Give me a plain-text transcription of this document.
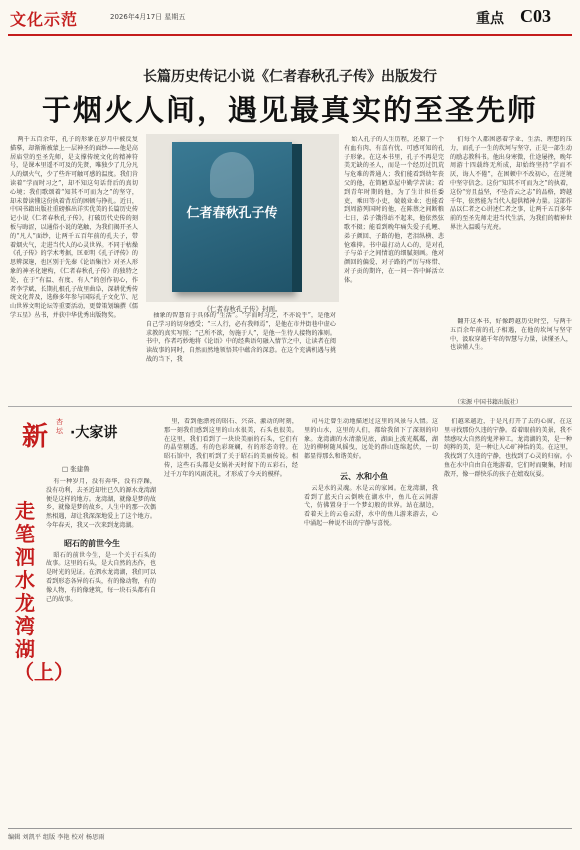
文化示范	2026年4月17日 星期五	重点 C03
长篇历史传记小说《仁者春秋孔子传》出版发行
于烟火人间，遇见最真实的至圣先师

两千五百余年，孔子的形象在岁月中被反复描摹，却渐渐被蒙上一层神圣的面纱——他是高居庙堂的至圣先师，是支撑传统文化的精神符号，是课本里遥不可及的先贤，唯独少了几分凡人的烟火气，少了些许可触可感的温度。我们肯读着“学而时习之”，却不知这句话背后的真切心境；我们歌颂着“知其不可而为之”的坚守，却未曾读懂这份执着背后的困顿与挣扎。近日，中国书籍出版社重磅推出详实优美的长篇历史传记小说《仁者春秋孔子传》，打破历代史传的刻板与晦涩，以通俗小说的笔触，为我们揭开圣人的“凡人”面纱，让两千五百年前的孔夫子，带着烟火气，走进当代人的心灵世界。不同于枯燥《孔子传》的学术考据，匡亚明《孔子评传》的思辨深邃，也区别于先秦《论语集注》对圣人形象的神圣化建构，《仁者春秋孔子传》的独特之处，在于“有温、有度、有人”的创作初心，作者李学斌、长期扎根孔子故里曲阜，深耕优秀传统文化普及，选修多年参与国际孔子文化节、尼山世界文明论坛等重要活动，更曾策划编撰《儒学五星》丛书，并获中华优秀出版物奖。	抽象的智慧育于具体的“生活”。“学而时习之，不亦说乎”，是他对自己学习的切身感受；“三人行，必有我师焉”，是他在市井街巷中虚心求教的真实写照；“己所不欲，勿施于人”，是他一生待人接物的准则。书中，作者巧妙地将《论语》中的经典语句融入情节之中，让读者在阅读故事的同时，自然而然地领悟其中蕴含的深意。在这个充满机遇与挑战的当下，我

始人孔子的人生历程，还原了一个有血有肉、有喜有忧、可感可知的孔子形象。在这本书里，孔子不再是完美无缺的圣人，而是一个经历过饥荒与危难的普通人；我们能看到幼年丧父的他，在简陋草屋中勤学苦读；看到青年时期的他，为了生计担任委吏、乘田等小吏，兢兢业业；也能看到周游列国时的他，在陈蔡之间断粮七日，弟子饿得站不起来，他依然弦歌不辍；能看到晚年痛失爱子孔鲤、弟子颜回、子路的他，老泪纵横、悲怆难抑。书中最打动人心的，是对孔子与弟子之间情谊的细腻刻画。他对颜回的偏爱、对子路的严厉与疼惜、对子贡的期许，在一问一答中鲜活立体。

们每个人都困惑着学业、生活、理想的压力，而孔子一生的坎坷与坚守，正是一部生动的励志教科书。他出身寒微，仕途屡挫，晚年周游十四载终无所成，却始终坚持“学而不厌，诲人不倦”，在困顿中不改初心，在逆境中坚守信念。这份“知其不可而为之”的执着，这份“穷且益坚，不坠青云之志”的品格，跨越千年，依然能为当代人提供精神力量。这部作品以仁者之心讲述仁者之事，让两千五百多年前的至圣先师走进当代生活，为我们的精神世界注入温暖与光亮。

翻开这本书，好像跨越历史时空，与两千五百余年前的孔子相遇，在他的坎坷与坚守中，汲取穿越千年的智慧与力量，读懂圣人，也读懂人生。

（宋源 中国书籍出版社）
仁者春秋孔子传
《仁者春秋孔子传》封面。
新	杏坛 ·大家讲
□ 张建鲁
走笔泗水龙湾湖（上）

有一种岁月，没有奔华，没有浮躁，没有功利，去圣近却往已久的源水龙湾湖便是这样的地方。龙湾湖，就像是梦的故乡，就像是梦的故乡，人生中的那一次偶然相遇，却让我深深地爱上了这个地方。今年春天，我又一次来到龙湾湖。

昭石的前世今生

昭石的前世今生，是一个关于石头的故事。这里的石头，是大自然的杰作，也是时光的见证。在泗水龙湾湖，我们可以看到形态各异的石头，有的像动物，有的像人物，有的像建筑，每一块石头都有自己的故事。

里，看到他漂亮的昭石、兴奋、激动的时刻，那一刻我们感到这里的山水很美，石头也很美。在这里，我们看到了一块块美丽的石头，它们有的晶莹剔透，有的色彩斑斓，有的形态奇特。在昭石馆中，我们听到了关于昭石的美丽传说。相传，这些石头都是女娲补天时留下的五彩石，经过千万年的风雨洗礼，才形成了今天的模样。

司马迁曾生动地描述过这里的风景与人情。这里的山水，这里的人们，都给我留下了深刻的印象。龙湾湖的水清澈见底，湖面上波光粼粼，湖边的柳树随风摇曳，远处的群山连绵起伏，一切都显得那么和谐美好。

云、水和小鱼

云是水的灵魂。水是云的家园。在龙湾湖，我看到了蓝天白云倒映在湖水中，鱼儿在云间游弋，仿佛置身于一个梦幻般的世界。站在湖边，看着天上的云卷云舒，水中的鱼儿游来游去，心中涌起一种说不出的宁静与喜悦。

们越来越近，于是凡打开了去的心窗，在这里寻找那份久违的宁静。看着眼前的美景，我不禁感叹大自然的鬼斧神工。龙湾湖的美，是一种纯粹的美，是一种让人心旷神怡的美。在这里，我找到了久违的宁静，也找到了心灵的归宿。小鱼在水中自由自在地游着，它们时而聚集，时而散开，像一群快乐的孩子在嬉戏玩耍。

编辑 刘凯平 组版 李艳 校对 杨思雨
